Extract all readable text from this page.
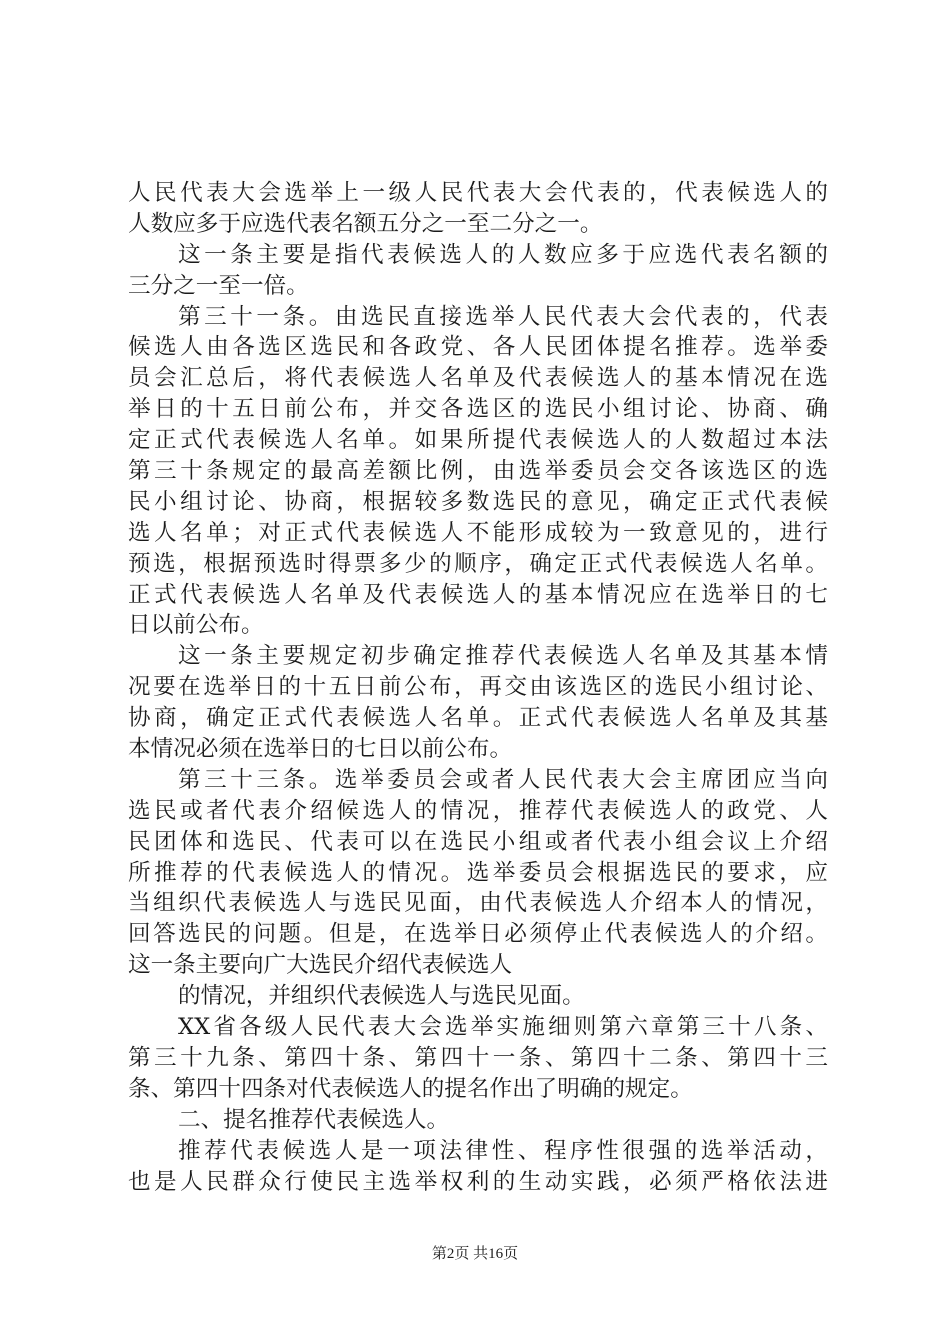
人民代表大会选举上一级人民代表大会代表的，代表候选人的
人数应多于应选代表名额五分之一至二分之一。
这一条主要是指代表候选人的人数应多于应选代表名额的
三分之一至一倍。
第三十一条。由选民直接选举人民代表大会代表的，代表
候选人由各选区选民和各政党、各人民团体提名推荐。选举委
员会汇总后，将代表候选人名单及代表候选人的基本情况在选
举日的十五日前公布，并交各选区的选民小组讨论、协商、确
定正式代表候选人名单。如果所提代表候选人的人数超过本法
第三十条规定的最高差额比例，由选举委员会交各该选区的选
民小组讨论、协商，根据较多数选民的意见，确定正式代表候
选人名单；对正式代表候选人不能形成较为一致意见的，进行
预选，根据预选时得票多少的顺序，确定正式代表候选人名单。
正式代表候选人名单及代表候选人的基本情况应在选举日的七
日以前公布。
这一条主要规定初步确定推荐代表候选人名单及其基本情
况要在选举日的十五日前公布，再交由该选区的选民小组讨论、
协商，确定正式代表候选人名单。正式代表候选人名单及其基
本情况必须在选举日的七日以前公布。
第三十三条。选举委员会或者人民代表大会主席团应当向
选民或者代表介绍候选人的情况，推荐代表候选人的政党、人
民团体和选民、代表可以在选民小组或者代表小组会议上介绍
所推荐的代表候选人的情况。选举委员会根据选民的要求，应
当组织代表候选人与选民见面，由代表候选人介绍本人的情况，
回答选民的问题。但是，在选举日必须停止代表候选人的介绍。
这一条主要向广大选民介绍代表候选人
的情况，并组织代表候选人与选民见面。
XX省各级人民代表大会选举实施细则第六章第三十八条、
第三十九条、第四十条、第四十一条、第四十二条、第四十三
条、第四十四条对代表候选人的提名作出了明确的规定。
二、提名推荐代表候选人。
推荐代表候选人是一项法律性、程序性很强的选举活动，
也是人民群众行使民主选举权利的生动实践，必须严格依法进
第2页 共16页
